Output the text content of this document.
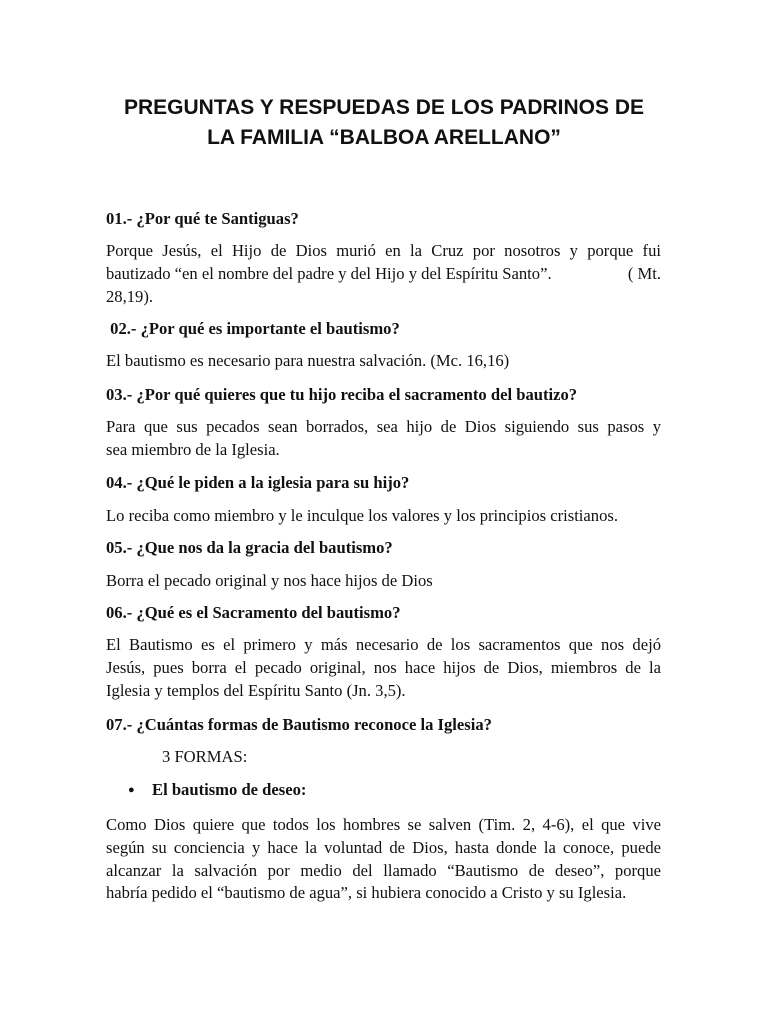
PREGUNTAS Y RESPUEDAS DE LOS PADRINOS DE
LA FAMILIA “BALBOA ARELLANO”

01.- ¿Por qué te Santiguas?

Porque Jesús, el Hijo de Dios murió en la Cruz por nosotros y porque fui
bautizado “en el nombre del padre y del Hijo y del Espíritu Santo”.	( Mt.
28,19).

02.- ¿Por qué es importante el bautismo?

El bautismo es necesario para nuestra salvación. (Mc. 16,16)

03.- ¿Por qué quieres que tu hijo reciba el sacramento del bautizo?

Para que sus pecados sean borrados, sea hijo de Dios siguiendo sus pasos y
sea miembro de la Iglesia.

04.- ¿Qué le piden a la iglesia para su hijo?

Lo reciba como miembro y le inculque los valores y los principios cristianos.

05.- ¿Que nos da la gracia del bautismo?

Borra el pecado original y nos hace hijos de Dios

06.- ¿Qué es el Sacramento del bautismo?

El Bautismo es el primero y más necesario de los sacramentos que nos dejó
Jesús, pues borra el pecado original, nos hace hijos de Dios, miembros de la
Iglesia y templos del Espíritu Santo (Jn. 3,5).

07.- ¿Cuántas formas de Bautismo reconoce la Iglesia?

3 FORMAS:

● El bautismo de deseo:

Como Dios quiere que todos los hombres se salven (Tim. 2, 4-6), el que vive
según su conciencia y hace la voluntad de Dios, hasta donde la conoce, puede
alcanzar la salvación por medio del llamado “Bautismo de deseo”, porque
habría pedido el “bautismo de agua”, si hubiera conocido a Cristo y su Iglesia.
